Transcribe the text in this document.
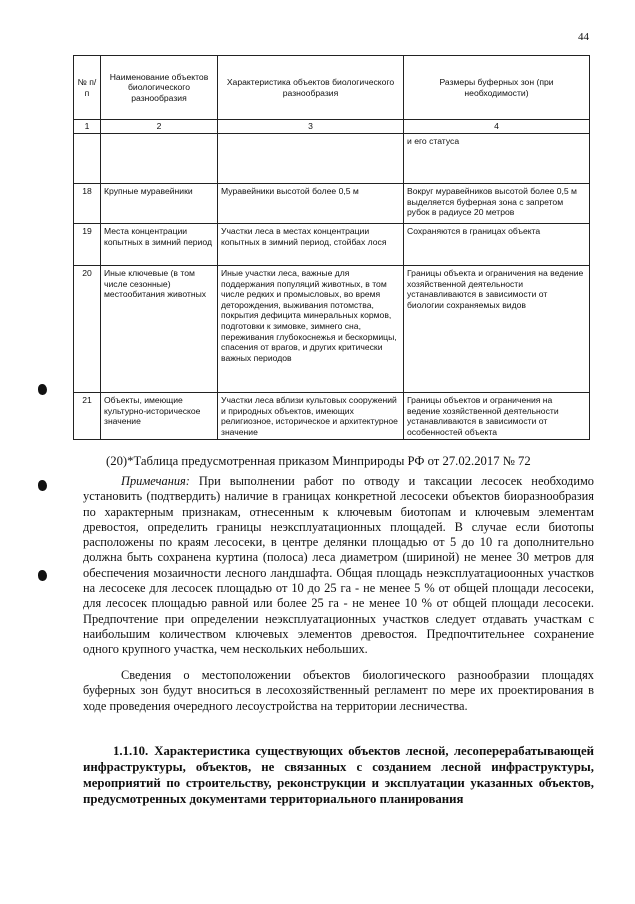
44
№ п/п	Наименование объектов биологического разнообразия	Характеристика объектов биологического разнообразия	Размеры буферных зон (при необходимости)
1	2	3	4
			и его статуса
18	Крупные муравейники	Муравейники высотой более 0,5 м	Вокруг муравейников высотой более 0,5 м выделяется буферная зона с запретом рубок в радиусе 20 метров
19	Места концентрации копытных в зимний период	Участки леса в местах концентрации копытных в зимний период, стойбах лося	Сохраняются в границах объекта
20	Иные ключевые (в том числе сезонные) местообитания животных	Иные участки леса, важные для поддержания популяций животных, в том числе редких и промысловых, во время деторождения, выживания потомства, покрытия дефицита минеральных кормов, подготовки к зимовке, зимнего сна, переживания глубокоснежья и бескормицы, спасения от врагов, и других критически важных периодов	Границы объекта и ограничения на ведение хозяйственной деятельности устанавливаются в зависимости от биологии сохраняемых видов
21	Объекты, имеющие культурно-историческое значение	Участки леса вблизи культовых сооружений и природных объектов, имеющих религиозное, историческое и архитектурное значение	Границы объектов и ограничения на ведение хозяйственной деятельности устанавливаются в зависимости от особенностей объекта
(20)*Таблица предусмотренная приказом Минприроды РФ от 27.02.2017 № 72

Примечания: При выполнении работ по отводу и таксации лесосек необходимо установить (подтвердить) наличие в границах конкретной лесосеки объектов биоразнообразия по характерным признакам, отнесенным к ключевым биотопам и ключевым элементам древостоя, определить границы неэксплуатационных площадей. В случае если биотопы расположены по краям лесосеки, в центре делянки площадью от 5 до 10 га дополнительно должна быть сохранена куртина (полоса) леса диаметром (шириной) не менее 30 метров для обеспечения мозаичности лесного ландшафта. Общая площадь неэксплуатациоонных участков на лесосеке для лесосек площадью от 10 до 25 га - не менее 5 % от общей площади лесосеки, для лесосек площадью равной или более 25 га - не менее 10 % от общей площади лесосеки. Предпочтение при определении неэксплуатационных участков следует отдавать участкам с наибольшим количеством ключевых элементов древостоя. Предпочтительнее сохранение одного крупного участка, чем нескольких небольших.

Сведения о местоположении объектов биологического разнообразии площадях буферных зон будут вноситься в лесохозяйственный регламент по мере их проектирования в ходе проведения очередного лесоустройства на территории лесничества.

1.1.10. Характеристика существующих объектов лесной, лесоперерабатывающей инфраструктуры, объектов, не связанных с созданием лесной инфраструктуры, мероприятий по строительству, реконструкции и эксплуатации указанных объектов, предусмотренных документами территориального планирования
